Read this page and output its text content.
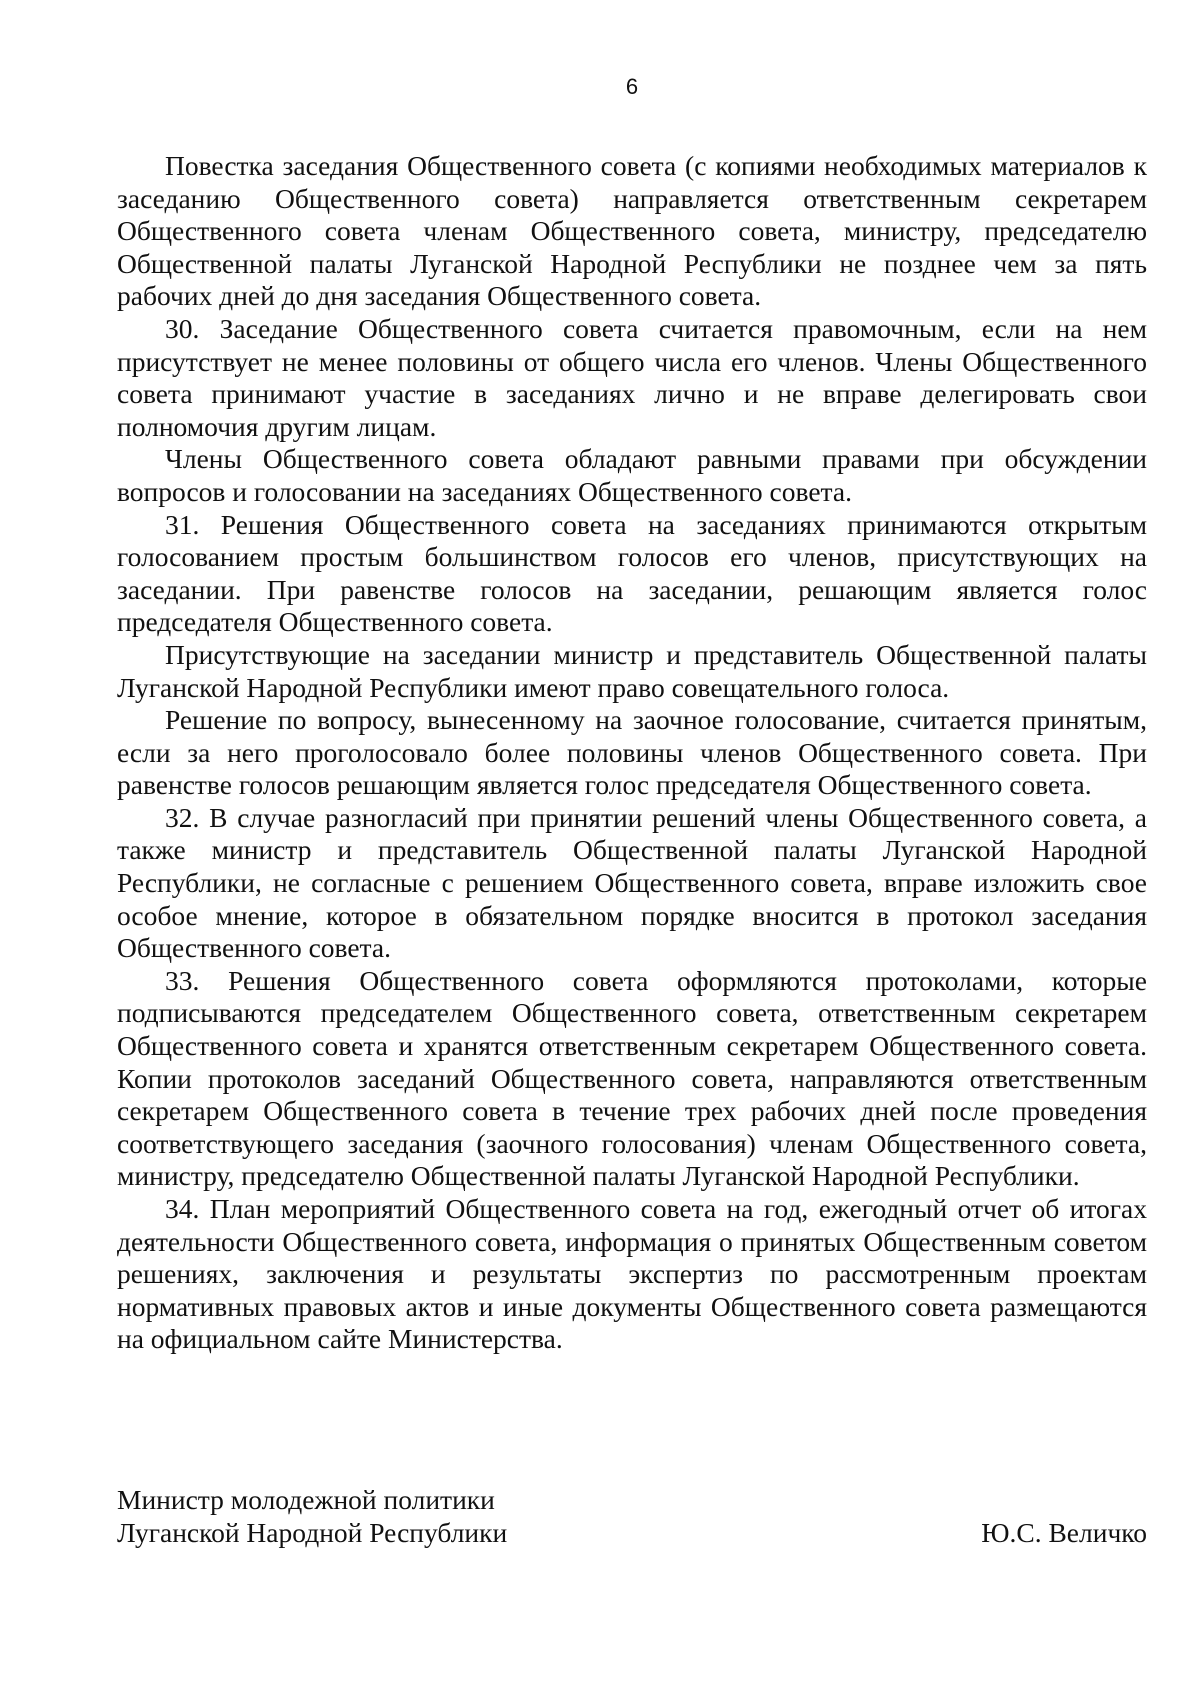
6

Повестка заседания Общественного совета (с копиями необходимых материалов к заседанию Общественного совета) направляется ответственным секретарем Общественного совета членам Общественного совета, министру, председателю Общественной палаты Луганской Народной Республики не позднее чем за пять рабочих дней до дня заседания Общественного совета.

30. Заседание Общественного совета считается правомочным, если на нем присутствует не менее половины от общего числа его членов. Члены Общественного совета принимают участие в заседаниях лично и не вправе делегировать свои полномочия другим лицам.

Члены Общественного совета обладают равными правами при обсуждении вопросов и голосовании на заседаниях Общественного совета.

31. Решения Общественного совета на заседаниях принимаются открытым голосованием простым большинством голосов его членов, присутствующих на заседании. При равенстве голосов на заседании, решающим является голос председателя Общественного совета.

Присутствующие на заседании министр и представитель Общественной палаты Луганской Народной Республики имеют право совещательного голоса.

Решение по вопросу, вынесенному на заочное голосование, считается принятым, если за него проголосовало более половины членов Общественного совета. При равенстве голосов решающим является голос председателя Общественного совета.

32. В случае разногласий при принятии решений члены Общественного совета, а также министр и представитель Общественной палаты Луганской Народной Республики, не согласные с решением Общественного совета, вправе изложить свое особое мнение, которое в обязательном порядке вносится в протокол заседания Общественного совета.

33. Решения Общественного совета оформляются протоколами, которые подписываются председателем Общественного совета, ответственным секретарем Общественного совета и хранятся ответственным секретарем Общественного совета. Копии протоколов заседаний Общественного совета, направляются ответственным секретарем Общественного совета в течение трех рабочих дней после проведения соответствующего заседания (заочного голосования) членам Общественного совета, министру, председателю Общественной палаты Луганской Народной Республики.

34. План мероприятий Общественного совета на год, ежегодный отчет об итогах деятельности Общественного совета, информация о принятых Общественным советом решениях, заключения и результаты экспертиз по рассмотренным проектам нормативных правовых актов и иные документы Общественного совета размещаются на официальном сайте Министерства.

Министр молодежной политики
Луганской Народной Республики	Ю.С. Величко
